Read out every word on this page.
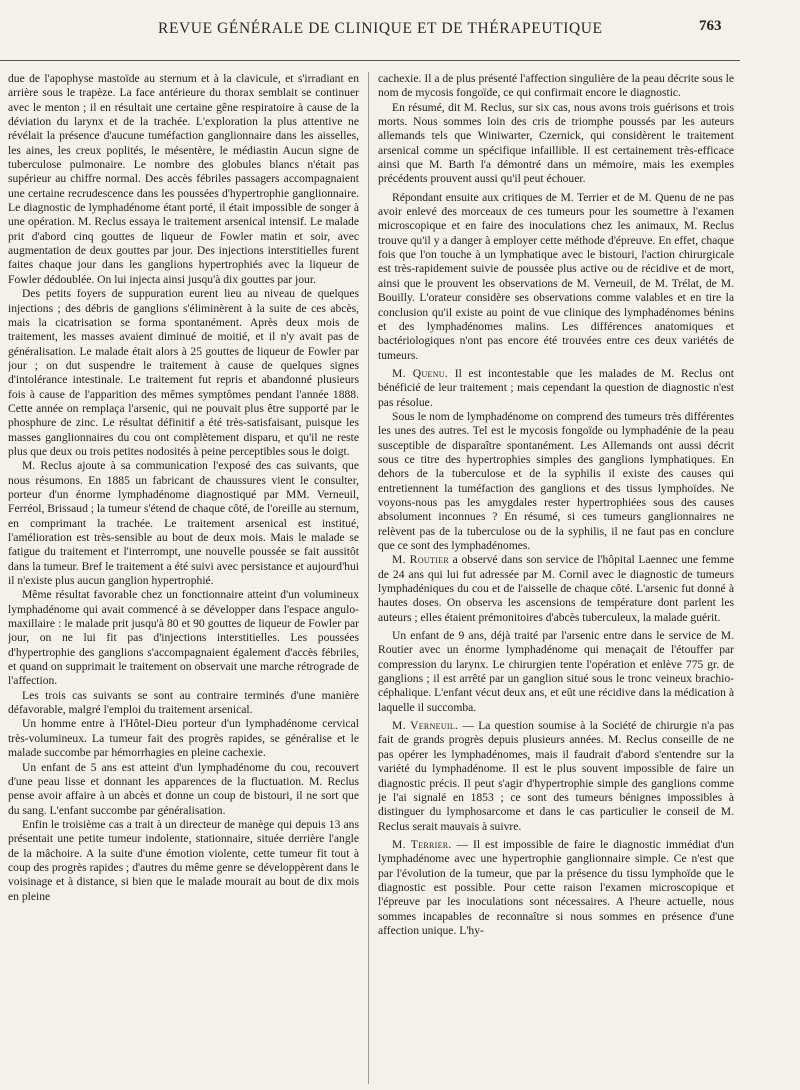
REVUE GÉNÉRALE DE CLINIQUE ET DE THÉRAPEUTIQUE	763

due de l'apophyse mastoïde au sternum et à la clavicule, et s'irradiant en arrière sous le trapèze. La face antérieure du thorax semblait se continuer avec le menton ; il en résultait une certaine gêne respiratoire à cause de la déviation du larynx et de la trachée. L'exploration la plus attentive ne révélait la présence d'aucune tuméfaction ganglionnaire dans les aisselles, les aines, les creux poplités, le mésentère, le médiastin Aucun signe de tuberculose pulmonaire. Le nombre des globules blancs n'était pas supérieur au chiffre normal. Des accès fébriles passagers accompagnaient une certaine recrudescence dans les poussées d'hypertrophie ganglionnaire. Le diagnostic de lymphadénome étant porté, il était impossible de songer à une opération. M. Reclus essaya le traitement arsenical intensif. Le malade prit d'abord cinq gouttes de liqueur de Fowler matin et soir, avec augmentation de deux gouttes par jour. Des injections interstitielles furent faites chaque jour dans les ganglions hypertrophiés avec la liqueur de Fowler dédoublée. On lui injecta ainsi jusqu'à dix gouttes par jour.

Des petits foyers de suppuration eurent lieu au niveau de quelques injections ; des débris de ganglions s'éliminèrent à la suite de ces abcès, mais la cicatrisation se forma spontanément. Après deux mois de traitement, les masses avaient diminué de moitié, et il n'y avait pas de généralisation. Le malade était alors à 25 gouttes de liqueur de Fowler par jour ; on dut suspendre le traitement à cause de quelques signes d'intolérance intestinale. Le traitement fut repris et abandonné plusieurs fois à cause de l'apparition des mêmes symptômes pendant l'année 1888. Cette année on remplaça l'arsenic, qui ne pouvait plus être supporté par le phosphure de zinc. Le résultat définitif a été très-satisfaisant, puisque les masses ganglionnaires du cou ont complètement disparu, et qu'il ne reste plus que deux ou trois petites nodosités à peine perceptibles sous le doigt.

M. Reclus ajoute à sa communication l'exposé des cas suivants, que nous résumons. En 1885 un fabricant de chaussures vient le consulter, porteur d'un énorme lymphadénome diagnostiqué par MM. Verneuil, Ferréol, Brissaud ; la tumeur s'étend de chaque côté, de l'oreille au sternum, en comprimant la trachée. Le traitement arsenical est institué, l'amélioration est très-sensible au bout de deux mois. Mais le malade se fatigue du traitement et l'interrompt, une nouvelle poussée se fait aussitôt dans la tumeur. Bref le traitement a été suivi avec persistance et aujourd'hui il n'existe plus aucun ganglion hypertrophié.

Même résultat favorable chez un fonctionnaire atteint d'un volumineux lymphadénome qui avait commencé à se développer dans l'espace angulo-maxillaire : le malade prit jusqu'à 80 et 90 gouttes de liqueur de Fowler par jour, on ne lui fit pas d'injections interstitielles. Les poussées d'hypertrophie des ganglions s'accompagnaient également d'accès fébriles, et quand on supprimait le traitement on observait une marche rétrograde de l'affection.

Les trois cas suivants se sont au contraire terminés d'une manière défavorable, malgré l'emploi du traitement arsenical.

Un homme entre à l'Hôtel-Dieu porteur d'un lymphadénome cervical très-volumineux. La tumeur fait des progrès rapides, se généralise et le malade succombe par hémorrhagies en pleine cachexie.

Un enfant de 5 ans est atteint d'un lymphadénome du cou, recouvert d'une peau lisse et donnant les apparences de la fluctuation. M. Reclus pense avoir affaire à un abcès et donne un coup de bistouri, il ne sort que du sang. L'enfant succombe par généralisation.

Enfin le troisième cas a trait à un directeur de manège qui depuis 13 ans présentait une petite tumeur indolente, stationnaire, située derrière l'angle de la mâchoire. A la suite d'une émotion violente, cette tumeur fit tout à coup des progrès rapides ; d'autres du même genre se développèrent dans le voisinage et à distance, si bien que le malade mourait au bout de dix mois en pleine

cachexie. Il a de plus présenté l'affection singulière de la peau décrite sous le nom de mycosis fongoïde, ce qui confirmait encore le diagnostic.

En résumé, dit M. Reclus, sur six cas, nous avons trois guérisons et trois morts. Nous sommes loin des cris de triomphe poussés par les auteurs allemands tels que Winiwarter, Czernick, qui considèrent le traitement arsenical comme un spécifique infaillible. Il est certainement très-efficace ainsi que M. Barth l'a démontré dans un mémoire, mais les exemples précédents prouvent aussi qu'il peut échouer.

Répondant ensuite aux critiques de M. Terrier et de M. Quenu de ne pas avoir enlevé des morceaux de ces tumeurs pour les soumettre à l'examen microscopique et en faire des inoculations chez les animaux, M. Reclus trouve qu'il y a danger à employer cette méthode d'épreuve. En effet, chaque fois que l'on touche à un lymphatique avec le bistouri, l'action chirurgicale est très-rapidement suivie de poussée plus active ou de récidive et de mort, ainsi que le prouvent les observations de M. Verneuil, de M. Trélat, de M. Bouilly. L'orateur considère ses observations comme valables et en tire la conclusion qu'il existe au point de vue clinique des lymphadénomes bénins et des lymphadénomes malins. Les différences anatomiques et bactériologiques n'ont pas encore été trouvées entre ces deux variétés de tumeurs.

M. Quenu. Il est incontestable que les malades de M. Reclus ont bénéficié de leur traitement ; mais cependant la question de diagnostic n'est pas résolue.

Sous le nom de lymphadénome on comprend des tumeurs très différentes les unes des autres. Tel est le mycosis fongoïde ou lymphadénie de la peau susceptible de disparaître spontanément. Les Allemands ont aussi décrit sous ce titre des hypertrophies simples des ganglions lymphatiques. En dehors de la tuberculose et de la syphilis il existe des causes qui entretiennent la tuméfaction des ganglions et des tissus lymphoïdes. Ne voyons-nous pas les amygdales rester hypertrophiées sous des causes absolument inconnues ? En résumé, si ces tumeurs ganglionnaires ne relèvent pas de la tuberculose ou de la syphilis, il ne faut pas en conclure que ce sont des lymphadénomes.

M. Routier a observé dans son service de l'hôpital Laennec une femme de 24 ans qui lui fut adressée par M. Cornil avec le diagnostic de tumeurs lymphadéniques du cou et de l'aisselle de chaque côté. L'arsenic fut donné à hautes doses. On observa les ascensions de température dont parlent les auteurs ; elles étaient prémonitoires d'abcès tuberculeux, la malade guérit.

Un enfant de 9 ans, déjà traité par l'arsenic entre dans le service de M. Routier avec un énorme lymphadénome qui menaçait de l'étouffer par compression du larynx. Le chirurgien tente l'opération et enlève 775 gr. de ganglions ; il est arrêté par un ganglion situé sous le tronc veineux brachio-céphalique. L'enfant vécut deux ans, et eût une récidive dans la médication à laquelle il succomba.

M. Verneuil. — La question soumise à la Société de chirurgie n'a pas fait de grands progrès depuis plusieurs années. M. Reclus conseille de ne pas opérer les lymphadénomes, mais il faudrait d'abord s'entendre sur la variété du lymphadénome. Il est le plus souvent impossible de faire un diagnostic précis. Il peut s'agir d'hypertrophie simple des ganglions comme je l'ai signalé en 1853 ; ce sont des tumeurs bénignes impossibles à distinguer du lymphosarcome et dans le cas particulier le conseil de M. Reclus serait mauvais à suivre.

M. Terrier. — Il est impossible de faire le diagnostic immédiat d'un lymphadénome avec une hypertrophie ganglionnaire simple. Ce n'est que par l'évolution de la tumeur, que par la présence du tissu lymphoïde que le diagnostic est possible. Pour cette raison l'examen microscopique et l'épreuve par les inoculations sont nécessaires. A l'heure actuelle, nous sommes incapables de reconnaître si nous sommes en présence d'une affection unique. L'hy-
